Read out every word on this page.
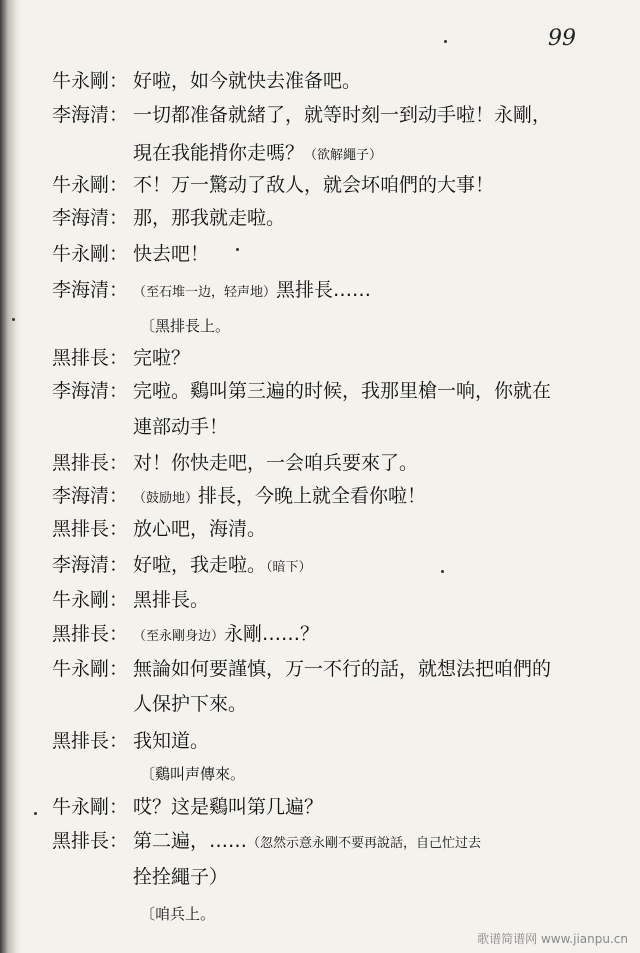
99
牛永剛： 好啦，如今就快去准备吧。
李海清： 一切都准备就緒了，就等时刻一到动手啦！永剛，
現在我能揹你走嗎？（欲解繩子）
牛永剛： 不！万一驚动了敌人，就会坏咱們的大事！
李海清： 那，那我就走啦。
牛永剛： 快去吧！
李海清： （至石堆一边，轻声地）黑排長……
〔黑排長上。
黑排長： 完啦？
李海清： 完啦。鷄叫第三遍的时候，我那里槍一响，你就在
連部动手！
黑排長： 对！你快走吧，一会咱兵要來了。
李海清： （鼓励地）排長，今晚上就全看你啦！
黑排長： 放心吧，海清。
李海清： 好啦，我走啦。（暗下）
牛永剛： 黑排長。
黑排長： （至永剛身边）永剛……？
牛永剛： 無論如何要謹慎，万一不行的話，就想法把咱們的
人保护下來。
黑排長： 我知道。
〔鷄叫声傳來。
牛永剛： 哎？这是鷄叫第几遍？
黑排長： 第二遍，……（忽然示意永剛不要再說話，自己忙过去
拴拴繩子）
〔咱兵上。
歌谱简谱网 www.jianpu.cn
